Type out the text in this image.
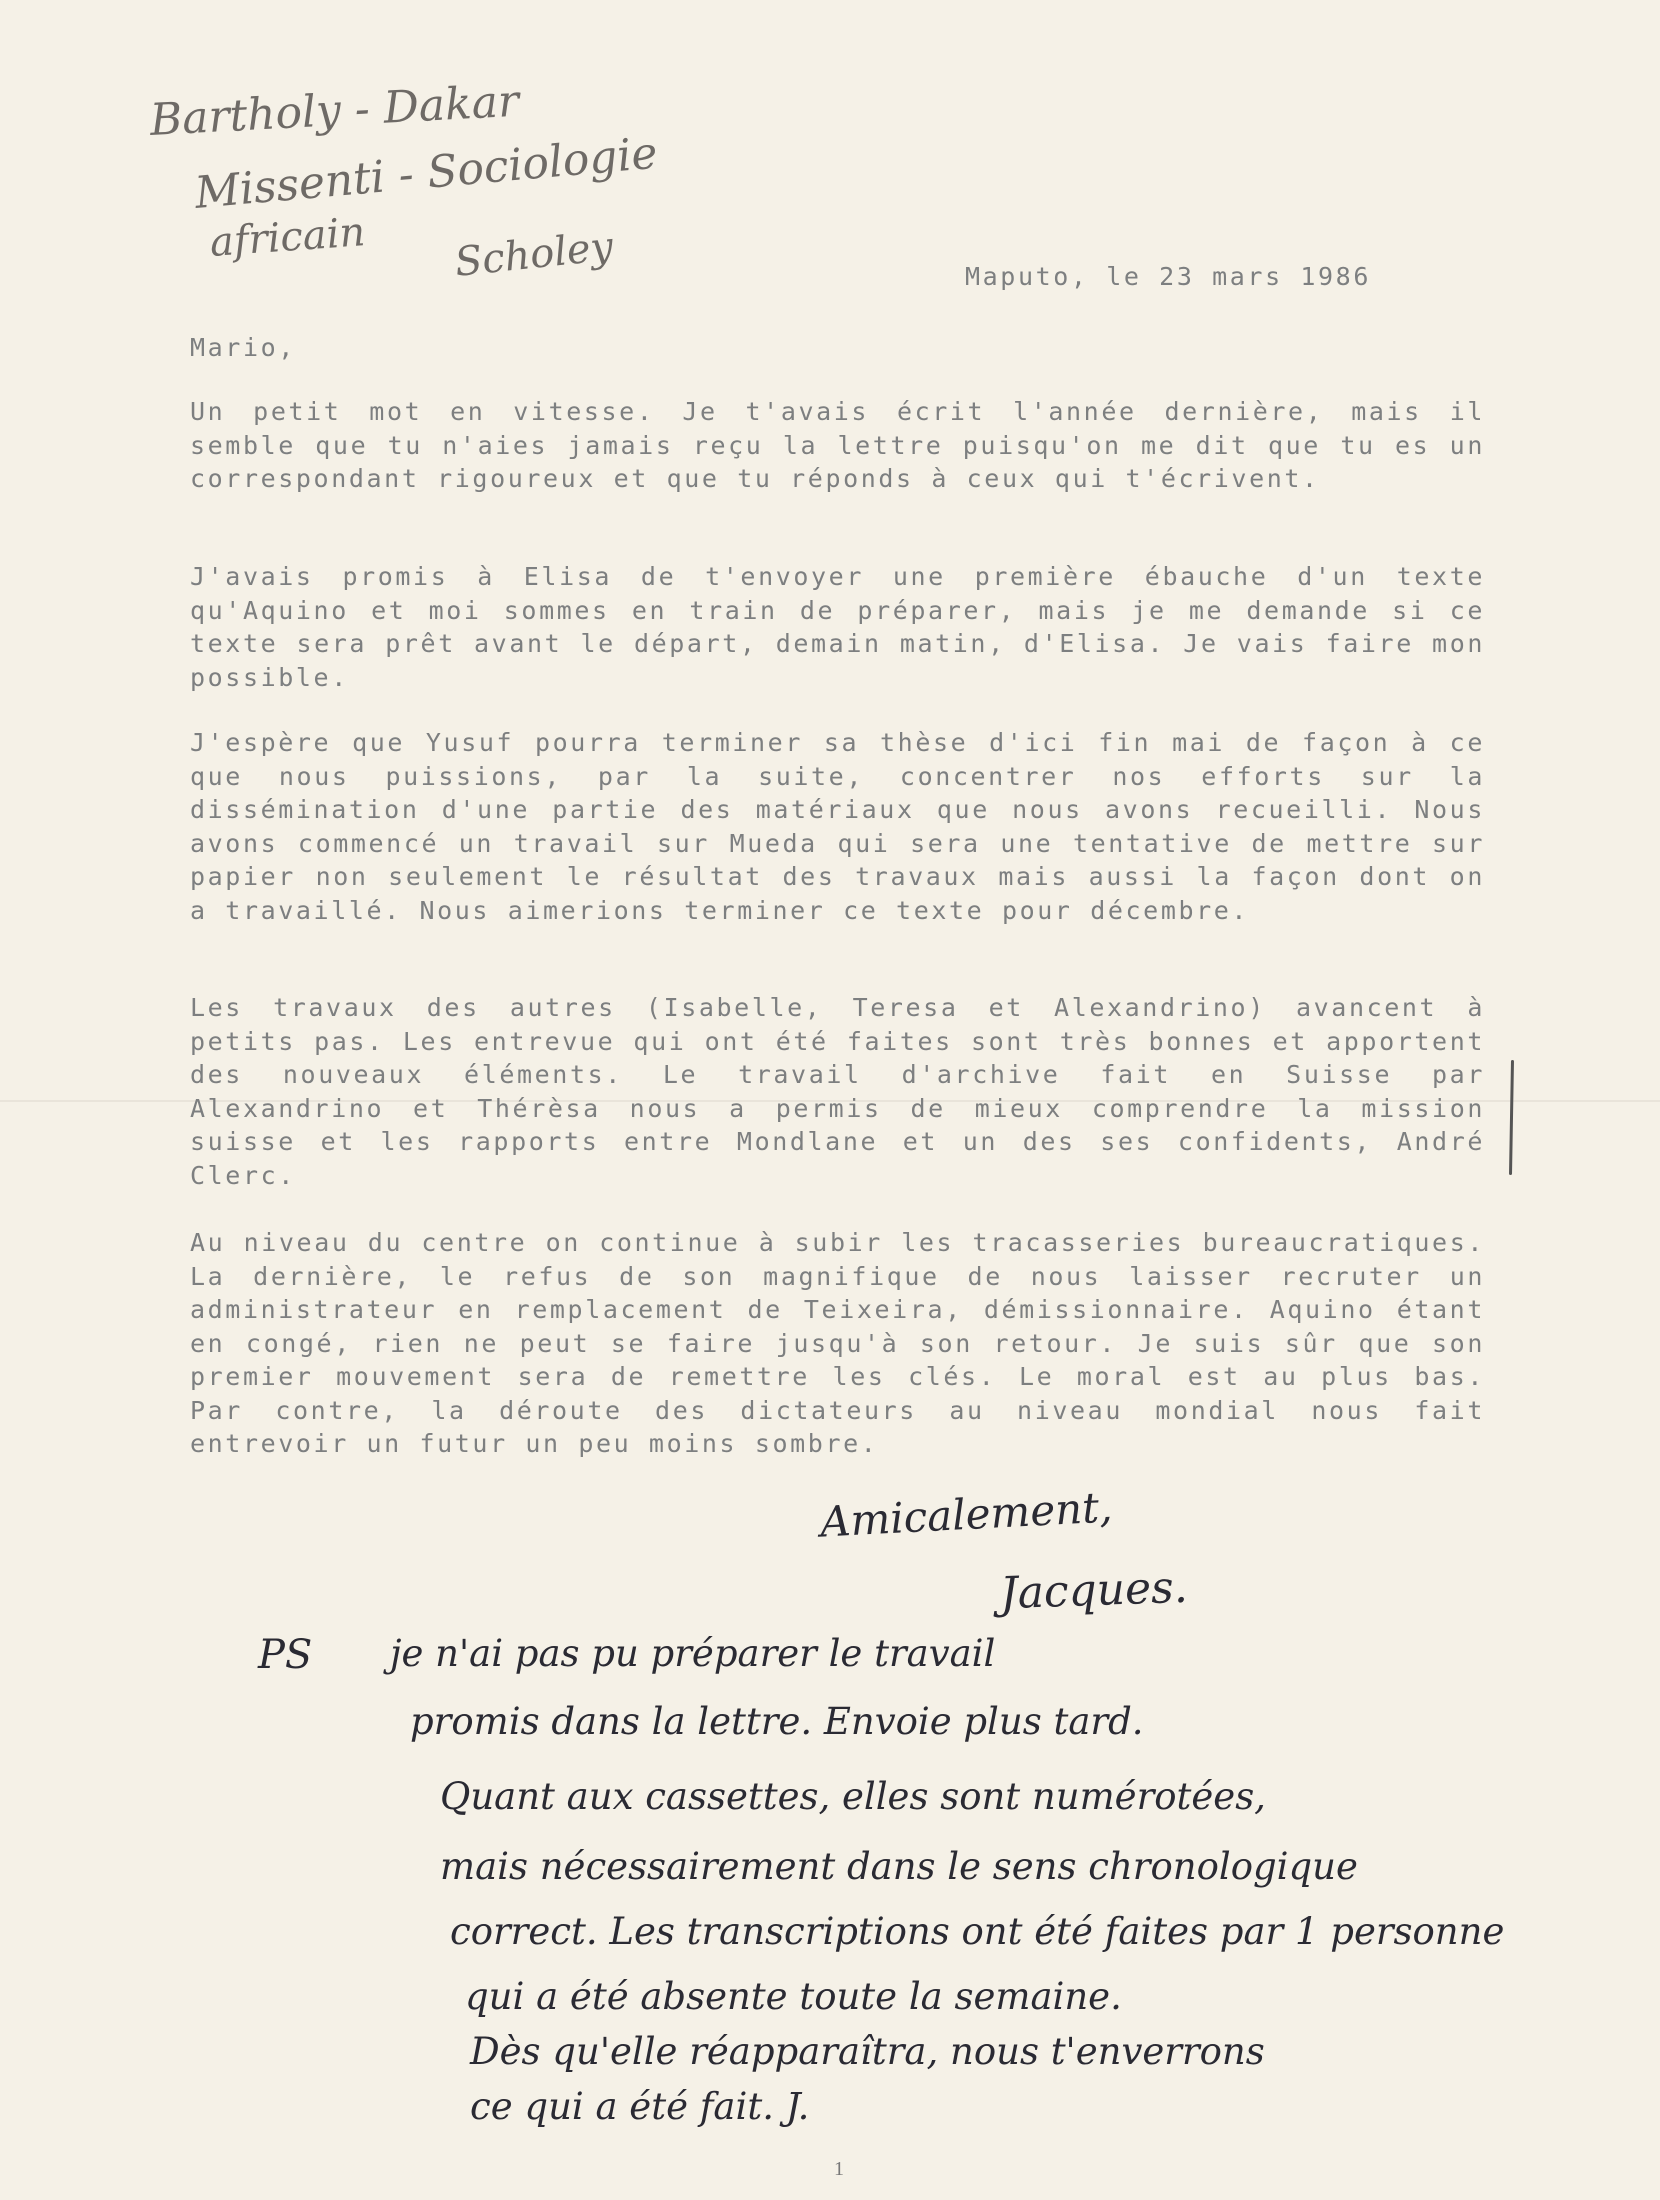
Bartholy - Dakar
Missenti - Sociologie
africain Scholey	Maputo, le 23 mars 1986
Mario,
Un petit mot en vitesse. Je t'avais écrit l'année dernière, mais il semble que tu n'aies jamais reçu la lettre puisqu'on me dit que tu es un correspondant rigoureux et que tu réponds à ceux qui t'écrivent.
J'avais promis à Elisa de t'envoyer une première ébauche d'un texte qu'Aquino et moi sommes en train de préparer, mais je me demande si ce texte sera prêt avant le départ, demain matin, d'Elisa. Je vais faire mon possible.
J'espère que Yusuf pourra terminer sa thèse d'ici fin mai de façon à ce que nous puissions, par la suite, concentrer nos efforts sur la dissémination d'une partie des matériaux que nous avons recueilli. Nous avons commencé un travail sur Mueda qui sera une tentative de mettre sur papier non seulement le résultat des travaux mais aussi la façon dont on a travaillé. Nous aimerions terminer ce texte pour décembre.
Les travaux des autres (Isabelle, Teresa et Alexandrino) avancent à petits pas. Les entrevue qui ont été faites sont très bonnes et apportent des nouveaux éléments. Le travail d'archive fait en Suisse par Alexandrino et Thérèsa nous a permis de mieux comprendre la mission suisse et les rapports entre Mondlane et un des ses confidents, André Clerc.
Au niveau du centre on continue à subir les tracasseries bureaucratiques. La dernière, le refus de son magnifique de nous laisser recruter un administrateur en remplacement de Teixeira, démissionnaire. Aquino étant en congé, rien ne peut se faire jusqu'à son retour. Je suis sûr que son premier mouvement sera de remettre les clés. Le moral est au plus bas. Par contre, la déroute des dictateurs au niveau mondial nous fait entrevoir un futur un peu moins sombre.
Amicalement,
Jacques.
PS je n'ai pas pu préparer le travail
promis dans la lettre. Envoie plus tard.
Quant aux cassettes, elles sont numérotées,
mais nécessairement dans le sens chronologique
correct. Les transcriptions ont été faites par 1 personne
qui a été absente toute la semaine.
Dès qu'elle réapparaîtra, nous t'enverrons
ce qui a été fait. J.
1
